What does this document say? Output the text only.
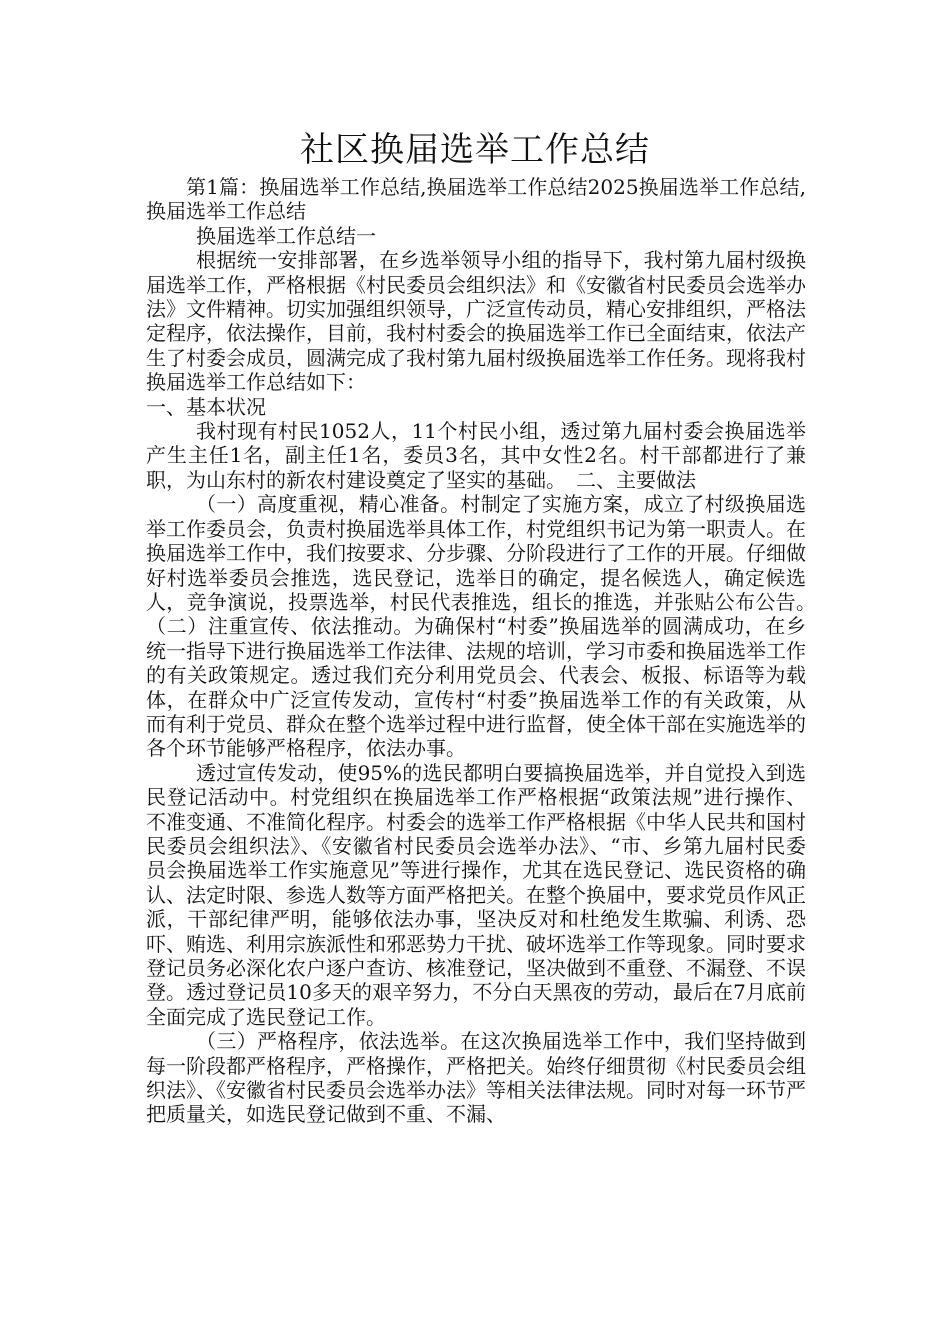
社区换届选举工作总结

第1篇：换届选举工作总结,换届选举工作总结2025换届选举工作总结,换届选举工作总结

换届选举工作总结一

根据统一安排部署，在乡选举领导小组的指导下，我村第九届村级换届选举工作，严格根据《村民委员会组织法》和《安徽省村民委员会选举办法》文件精神。切实加强组织领导，广泛宣传动员，精心安排组织，严格法定程序，依法操作，目前，我村村委会的换届选举工作已全面结束，依法产生了村委会成员，圆满完成了我村第九届村级换届选举工作任务。现将我村换届选举工作总结如下：

一、基本状况

我村现有村民1052人，11个村民小组，透过第九届村委会换届选举产生主任1名，副主任1名，委员3名，其中女性2名。村干部都进行了兼职，为山东村的新农村建设奠定了坚实的基础。　二、主要做法

（一）高度重视，精心准备。村制定了实施方案，成立了村级换届选举工作委员会，负责村换届选举具体工作，村党组织书记为第一职责人。在换届选举工作中，我们按要求、分步骤、分阶段进行了工作的开展。仔细做好村选举委员会推选，选民登记，选举日的确定，提名候选人，确定候选人，竞争演说，投票选举，村民代表推选，组长的推选，并张贴公布公告。　（二）注重宣传、依法推动。为确保村“村委”换届选举的圆满成功，在乡统一指导下进行换届选举工作法律、法规的培训，学习市委和换届选举工作的有关政策规定。透过我们充分利用党员会、代表会、板报、标语等为载体，在群众中广泛宣传发动，宣传村“村委”换届选举工作的有关政策，从而有利于党员、群众在整个选举过程中进行监督，使全体干部在实施选举的各个环节能够严格程序，依法办事。

透过宣传发动，使95%的选民都明白要搞换届选举，并自觉投入到选民登记活动中。村党组织在换届选举工作严格根据“政策法规”进行操作、不准变通、不准简化程序。村委会的选举工作严格根据《中华人民共和国村民委员会组织法》、《安徽省村民委员会选举办法》、“市、乡第九届村民委员会换届选举工作实施意见”等进行操作，尤其在选民登记、选民资格的确认、法定时限、参选人数等方面严格把关。在整个换届中，要求党员作风正派，干部纪律严明，能够依法办事，坚决反对和杜绝发生欺骗、利诱、恐吓、贿选、利用宗族派性和邪恶势力干扰、破坏选举工作等现象。同时要求登记员务必深化农户逐户查访、核准登记，坚决做到不重登、不漏登、不误登。透过登记员10多天的艰辛努力，不分白天黑夜的劳动，最后在7月底前全面完成了选民登记工作。

（三）严格程序，依法选举。在这次换届选举工作中，我们坚持做到每一阶段都严格程序，严格操作，严格把关。始终仔细贯彻《村民委员会组织法》、《安徽省村民委员会选举办法》等相关法律法规。同时对每一环节严把质量关，如选民登记做到不重、不漏、
